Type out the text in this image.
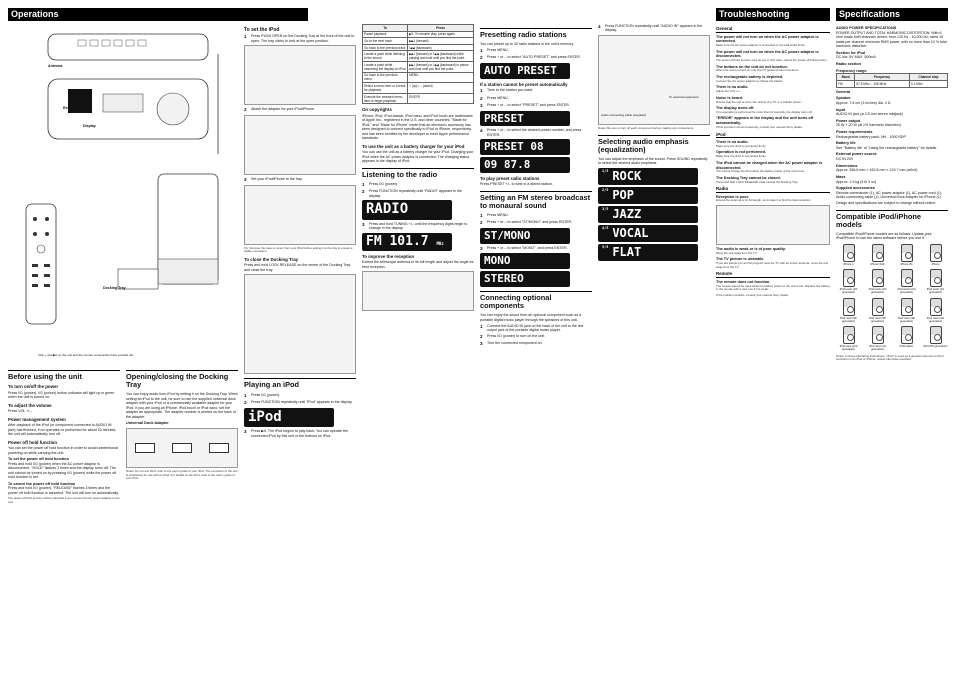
Operations	Troubleshooting	Specifications
Antenna
Remote sensor
Display
Docking Tray
VOL + and ▶II on the unit and the remote commander have a tactile dot.
Before using the unit
To turn on/off the power

Press I/⏻ (power). I/⏻ (power) button indicator will light up in green when the unit is turned on.

To adjust the volume

Press VOL +/–.

Power management system

After playback of the iPod (or component connected to AUDIO IN jack) has finished, if no operation is performed for about 20 minutes, the unit will automatically turn off.

Power off hold function

You can set the power off hold function in order to avoid unintentional powering on while carrying the unit.

To set the power off hold function

Press and hold I/⏻ (power) when the AC power adaptor is disconnected. "HOLD" flashes 3 times and the display turns off. The unit cannot be turned on by pressing I/⏻ (power) while the power off hold function is set.

To cancel the power off hold function

Press and hold I/⏻ (power). "RELEASE" flashes 3 times and the power off hold function is canceled. The unit will turn on automatically.

The power off hold function will be canceled if you connect the AC power adaptor to the unit.

Opening/closing the Docking Tray

You can enjoy audio from iPod by setting it on the Docking Tray. When setting an iPod to the unit, be sure to use the supplied universal dock adapter with your iPod or a commercially available adapter for your iPod. If you are using an iPhone, iPod touch or iPod nano, set the adapter as appropriate. The adapter number is printed on the back of the adapter.

Universal Dock Adapter

Notes: Do not use iPod, refer to the user's guide of your iPod. The connector of the unit is exclusively for use with an iPod. For details on the iPod, refer to the user's guide of your iPod.

To set the iPod
1	Press PUSH OPEN on the Docking Tray at the front of the unit to open. The tray clicks to lock at the open position.
2	Attach the adapter for your iPod/iPhone.
3	Set your iPod/iPhone to the tray.

Tip: Remove the case or cover from your iPod before setting it to the tray to ensure a stable connection.

To close the Docking Tray

Press and hold LOCK RELEASE on the center of the Docking Tray and close the tray.

Playing an iPod
1	Press I/⏻ (power).
2	Press FUNCTION repeatedly until "iPod" appears in the display.
iPod
3	Press ▶II. The iPod begins to play back. You can operate the connected iPod by this unit or the buttons on iPod.
To	Press
Pause playback	▶II. To resume play, press again.
Go to the next track	▶▶I (forward)
Go back to the previous track	I◀◀ (backward)
Locate a point while listening to the sound	▶▶I (forward) or I◀◀ (backward) while playing and hold until you find the point.
Locate a point while observing the display on iPod	▶▶I (forward) or I◀◀ (backward) in pause and hold until you find the point.
Go back to the previous menu	MENU
Select a menu item or a track for playback	+ (up) / – (down)
Execute the selected menu item or begin playback	ENTER
On copyrights

iPhone, iPod, iPod classic, iPod nano, and iPod touch are trademarks of Apple Inc., registered in the U.S. and other countries. "Made for iPod," and "Made for iPhone" mean that an electronic accessory has been designed to connect specifically to iPod or iPhone, respectively, and has been certified by the developer to meet Apple performance standards.

To use the unit as a battery charger for your iPod

You can use the unit as a battery charger for your iPod. Charging your iPod when the AC power adaptor is connected. The charging status appears in the display of iPod.

Listening to the radio
1	Press I/⏻ (power).
2	Press FUNCTION repeatedly until "RADIO" appears in the display.
RADIO
3	Press and hold TUNING +/– until the frequency digits begin to change in the display.
FM 101.7 MHz
To improve the reception

Extend the telescopic antenna to its full length and adjust the angle for best reception.

Presetting radio stations

You can preset up to 20 radio stations in the unit's memory.

1	Press MENU.
2	Press + or – to select "AUTO PRESET" and press ENTER.
AUTO PRESET
If a station cannot be preset automatically
1	Tune to the station you want.
2	Press MENU.
3	Press + or – to select "PRESET" and press ENTER.
PRESET
4	Press + or – to select the desired preset number, and press ENTER.
PRESET 08
09 87.8
To play preset radio stations

Press PRESET +/– to tune in a stored station.

Setting an FM stereo broadcast to monaural sound
1	Press MENU.
2	Press + or – to select "ST/MONO" and press ENTER.
ST/MONO
3	Press + or – to select "MONO", and press ENTER.
MONO
STEREO
Connecting optional components

You can enjoy the sound from an optional component such as a portable digital music player through the speakers of this unit.

1	Connect the AUDIO IN jack on the back of the unit to the line output jack of the portable digital music player.
2	Press I/⏻ (power) to turn on the unit.
3	Turn the connected component on.
4	Press FUNCTION repeatedly until "AUDIO IN" appears in the display.
To external equipment
Audio connecting cable (supplied)

Notes: Be sure to turn off each component before making any connections.

Selecting audio emphasis (equalization)

You can adjust the emphasis of the sound. Press SOUND repeatedly to select the desired audio emphasis.

1/5 ROCK
2/5 POP
3/5 JAZZ
4/5 VOCAL
5/5 FLAT
General
The power will not turn on when the AC power adaptor is connected.

Make sure the AC power adaptor is connected to the wall outlet firmly.

The power will not turn on when the AC power adaptor is disconnected.

The power off hold function may be set. In this case, cancel the power off hold function.

The buttons on the unit do not function.

When the unit is turned off, only the I/⏻ (power) button functions.

The rechargeable battery is depleted.

Connect the AC power adaptor to charge the battery.

There is no audio.

Adjust the VOL +/–.

Noise is heard.

Ensure that the unit is not in the vicinity of a TV or a cellular phone.

The display turns off.

If no operation is performed for more than 10 seconds, the display turns off.

"ERROR" appears in the display and the unit turns off automatically.

If this symptom occurs frequently, consult your nearest Sony dealer.

iPod
There is no audio.

Make sure the iPod is connected firmly.

Operation is not performed.

Make sure the iPod is connected firmly.

The iPod cannot be charged when the AC power adaptor is disconnected.

You cannot charge the iPod when the battery power of the unit is low.

The Docking Tray cannot be closed.

Press and hold LOCK RELEASE while closing the Docking Tray.

Radio
Reception is poor.

Extend the antenna to its full length, and rotate it to find the best reception.

The audio is weak or is of poor quality.

Move the unit away from the TV.

The TV picture is unstable.

If you are listening to an FM program near the TV with an indoor antenna, move the unit away from the TV.

Remote
The remote does not function.

The remote cannot be used while the battery power of the unit is low. Replace the battery in the remote with a new one if it is weak.

If the problem persists, consult your nearest Sony dealer.

AUDIO POWER SPECIFICATIONS

POWER OUTPUT AND TOTAL HARMONIC DISTORTION: With 6 ohm loads both channels driven, from 130 Hz - 10,000 Hz; rated 10 watts per channel minimum RMS power, with no more than 10 % total harmonic distortion.

Section for iPod

DC out: 5V MAX. 500mA

Radio section
Frequency range
Band	Frequency	Channel step
FM	87.5 MHz – 108 MHz	0.1 MHz
General
Speaker

Approx. 7.8 cm (3 inches) dia. 4 Ω

Input

AUDIO IN jack (ø 3.5 mm stereo minijack)

Power output

20 W + 20 W (at 1% harmonic distortion)

Power requirements

Rechargeable battery pack: NH - 1000 RDP

Battery life

See "Battery life" of "Using the rechargeable battery" for details.

External power source

DC IN 20V

Dimensions

Approx. 356.6 mm × 162.8 mm × 129.7 mm (w/h/d)

Mass

Approx. 1.9 kg (4 lb 3 oz)

Supplied accessories

Remote commander (1), AC power adaptor (1), AC power cord (1), Audio connecting cable (1), Universal Dock Adapter for iPhone (1)

Design and specifications are subject to change without notice.

Compatible iPod/iPhone models

Compatible iPod/iPhone models are as follows. Update your iPod/iPhone to use the latest software before you use it.

iPhone 4	iPhone 3GS	iPhone 3G	iPhone
iPod touch (4th generation)
iPod touch (3rd generation)
iPod touch (2nd generation)
iPod touch (1st generation)
iPod nano (6th generation)
iPod nano (5th generation)
iPod nano (4th generation)
iPod nano (3rd generation)
iPod nano (2nd generation)
iPod nano (1st generation)
iPod classic	iPod (5th generation)

Notes: In these Operating Instructions, "iPod" is used as a general reference to iPod functions on an iPod or iPhone, unless otherwise specified.
